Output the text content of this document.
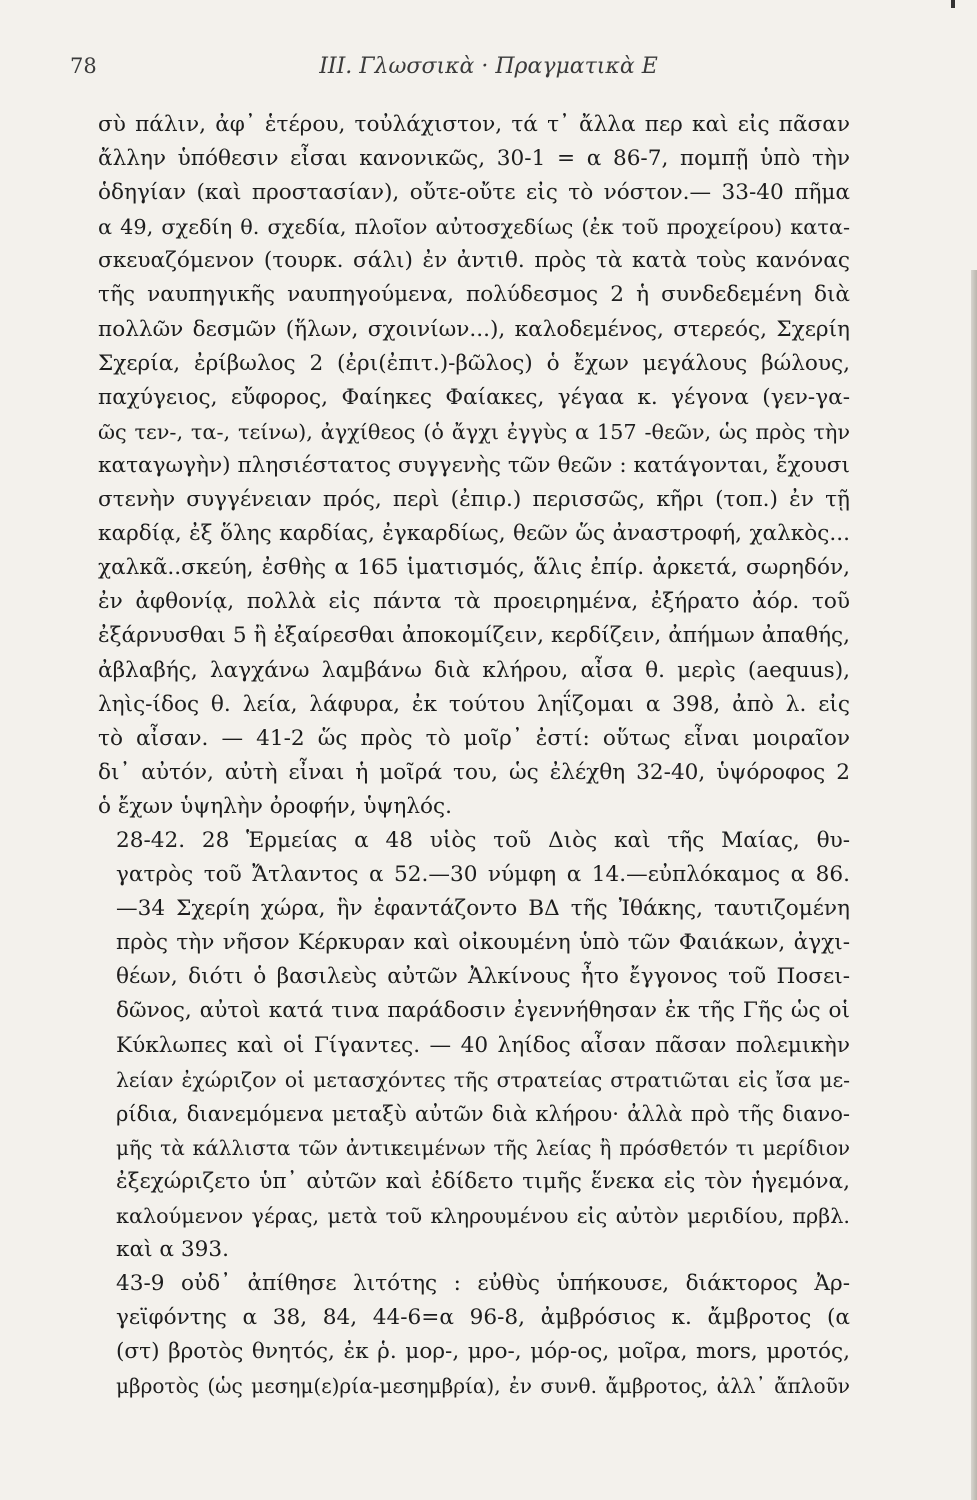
78	III. Γλωσσικὰ · Πραγματικὰ Ε

σὺ πάλιν, ἀφ᾽ ἑτέρου, τοὐλάχιστον, τά τ᾽ ἄλλα περ καὶ εἰς πᾶσαν
ἄλλην ὑπόθεσιν εἶσαι κανονικῶς, 30-1 = α 86-7, πομπῇ ὑπὸ τὴν
ὁδηγίαν (καὶ προστασίαν), οὔτε-οὔτε εἰς τὸ νόστον.— 33-40 πῆμα
α 49, σχεδίη θ. σχεδία, πλοῖον αὐτοσχεδίως (ἐκ τοῦ προχείρου) κατα-
σκευαζόμενον (τουρκ. σάλι) ἐν ἀντιθ. πρὸς τὰ κατὰ τοὺς κανόνας
τῆς ναυπηγικῆς ναυπηγούμενα, πολύδεσμος 2 ἡ συνδεδεμένη διὰ
πολλῶν δεσμῶν (ἥλων, σχοινίων...), καλοδεμένος, στερεός, Σχερίη
Σχερία, ἐρίβωλος 2 (ἐρι(ἐπιτ.)-βῶλος) ὁ ἔχων μεγάλους βώλους,
παχύγειος, εὔφορος, Φαίηκες Φαίακες, γέγαα κ. γέγονα (γεν-γα-
ῶς τεν-, τα-, τείνω), ἀγχίθεος (ὁ ἄγχι ἐγγὺς α 157 -θεῶν, ὡς πρὸς τὴν
καταγωγὴν) πλησιέστατος συγγενὴς τῶν θεῶν : κατάγονται, ἔχουσι
στενὴν συγγένειαν πρός, περὶ (ἐπιρ.) περισσῶς, κῆρι (τοπ.) ἐν τῇ
καρδίᾳ, ἐξ ὅλης καρδίας, ἐγκαρδίως, θεῶν ὥς ἀναστροφή, χαλκὸς...
χαλκᾶ..σκεύη, ἐσθὴς α 165 ἱματισμός, ἅλις ἐπίρ. ἀρκετά, σωρηδόν,
ἐν ἀφθονίᾳ, πολλὰ εἰς πάντα τὰ προειρημένα, ἐξήρατο ἀόρ. τοῦ
ἐξάρνυσθαι 5 ἢ ἐξαίρεσθαι ἀποκομίζειν, κερδίζειν, ἀπήμων ἀπαθής,
ἀβλαβής, λαγχάνω λαμβάνω διὰ κλήρου, αἶσα θ. μερὶς (aequus),
ληὶς-ίδος θ. λεία, λάφυρα, ἐκ τούτου ληΐζομαι α 398, ἀπὸ λ. εἰς
τὸ αἶσαν. — 41-2 ὥς πρὸς τὸ μοῖρ᾽ ἐστί: οὕτως εἶναι μοιραῖον
δι᾽ αὐτόν, αὐτὴ εἶναι ἡ μοῖρά του, ὡς ἐλέχθη 32-40, ὑψόροφος 2
ὁ ἔχων ὑψηλὴν ὀροφήν, ὑψηλός.

28-42. 28 Ἑρμείας α 48 υἱὸς τοῦ Διὸς καὶ τῆς Μαίας, θυ-
γατρὸς τοῦ Ἄτλαντος α 52.—30 νύμφη α 14.—εὐπλόκαμος α 86.
—34 Σχερίη χώρα, ἣν ἐφαντάζοντο ΒΔ τῆς Ἰθάκης, ταυτιζομένη
πρὸς τὴν νῆσον Κέρκυραν καὶ οἰκουμένη ὑπὸ τῶν Φαιάκων, ἀγχι-
θέων, διότι ὁ βασιλεὺς αὐτῶν Ἀλκίνους ἦτο ἔγγονος τοῦ Ποσει-
δῶνος, αὐτοὶ κατά τινα παράδοσιν ἐγεννήθησαν ἐκ τῆς Γῆς ὡς οἱ
Κύκλωπες καὶ οἱ Γίγαντες. — 40 ληίδος αἶσαν πᾶσαν πολεμικὴν
λείαν ἐχώριζον οἱ μετασχόντες τῆς στρατείας στρατιῶται εἰς ἴσα με-
ρίδια, διανεμόμενα μεταξὺ αὐτῶν διὰ κλήρου· ἀλλὰ πρὸ τῆς διανο-
μῆς τὰ κάλλιστα τῶν ἀντικειμένων τῆς λείας ἢ πρόσθετόν τι μερίδιον
ἐξεχώριζετο ὑπ᾽ αὐτῶν καὶ ἐδίδετο τιμῆς ἕνεκα εἰς τὸν ἡγεμόνα,
καλούμενον γέρας, μετὰ τοῦ κληρουμένου εἰς αὐτὸν μεριδίου, πρβλ.
καὶ α 393.

43-9 οὐδ᾽ ἀπίθησε λιτότης : εὐθὺς ὑπήκουσε, διάκτορος Ἀρ-
γεϊφόντης α 38, 84, 44-6=α 96-8, ἀμβρόσιος κ. ἄμβροτος (α
(στ) βροτὸς θνητός, ἐκ ῥ. μορ-, μρο-, μόρ-ος, μοῖρα, mors, μροτός,
μβροτὸς (ὡς μεσημ(ε)ρία-μεσημβρία), ἐν συνθ. ἄμβροτος, ἀλλ᾽ ἄπλοῦν
